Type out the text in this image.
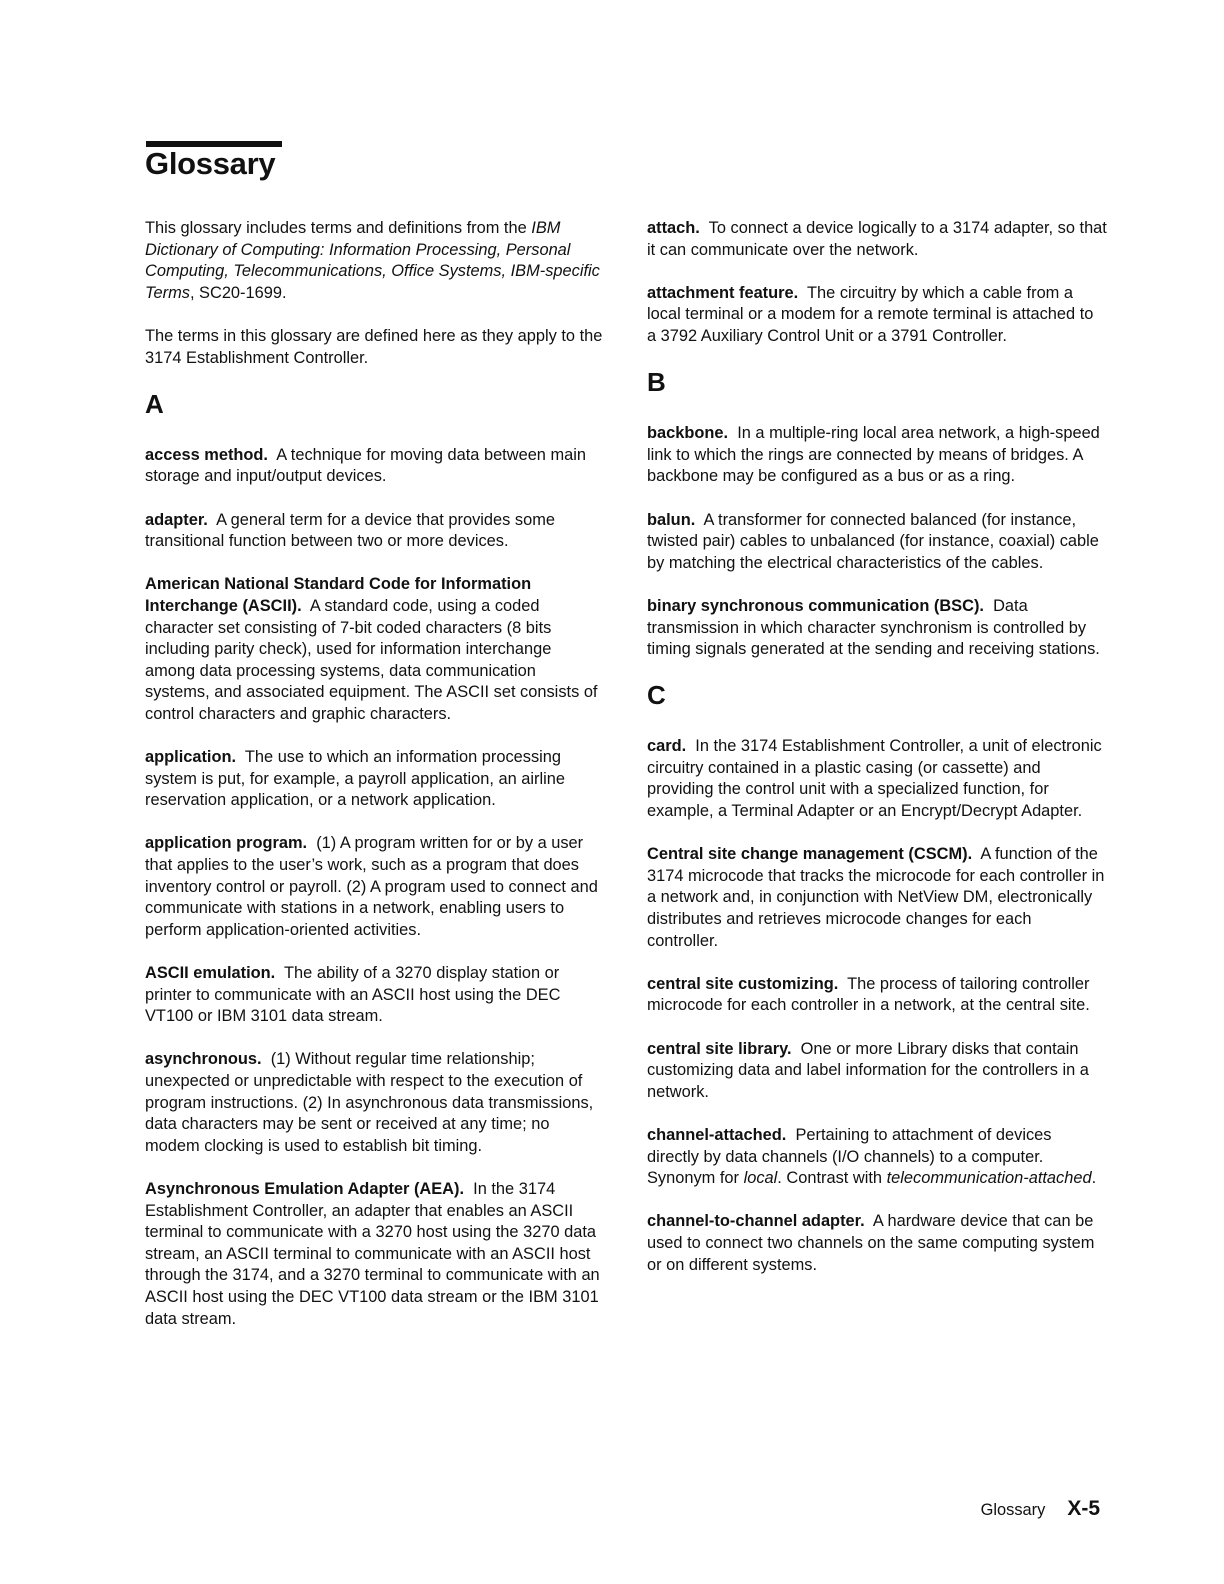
Glossary

This glossary includes terms and definitions from the IBM Dictionary of Computing: Information Processing, Personal Computing, Telecommunications, Office Systems, IBM-specific Terms, SC20-1699.

The terms in this glossary are defined here as they apply to the 3174 Establishment Controller.

A

access method. A technique for moving data between main storage and input/output devices.

adapter. A general term for a device that provides some transitional function between two or more devices.

American National Standard Code for Information Interchange (ASCII). A standard code, using a coded character set consisting of 7-bit coded characters (8 bits including parity check), used for information interchange among data processing systems, data communication systems, and associated equipment. The ASCII set consists of control characters and graphic characters.

application. The use to which an information processing system is put, for example, a payroll application, an airline reservation application, or a network application.

application program. (1) A program written for or by a user that applies to the user’s work, such as a program that does inventory control or payroll. (2) A program used to connect and communicate with stations in a network, enabling users to perform application-oriented activities.

ASCII emulation. The ability of a 3270 display station or printer to communicate with an ASCII host using the DEC VT100 or IBM 3101 data stream.

asynchronous. (1) Without regular time relationship; unexpected or unpredictable with respect to the execution of program instructions. (2) In asynchronous data transmissions, data characters may be sent or received at any time; no modem clocking is used to establish bit timing.

Asynchronous Emulation Adapter (AEA). In the 3174 Establishment Controller, an adapter that enables an ASCII terminal to communicate with a 3270 host using the 3270 data stream, an ASCII terminal to communicate with an ASCII host through the 3174, and a 3270 terminal to communicate with an ASCII host using the DEC VT100 data stream or the IBM 3101 data stream.

attach. To connect a device logically to a 3174 adapter, so that it can communicate over the network.

attachment feature. The circuitry by which a cable from a local terminal or a modem for a remote terminal is attached to a 3792 Auxiliary Control Unit or a 3791 Controller.

B

backbone. In a multiple-ring local area network, a high-speed link to which the rings are connected by means of bridges. A backbone may be configured as a bus or as a ring.

balun. A transformer for connected balanced (for instance, twisted pair) cables to unbalanced (for instance, coaxial) cable by matching the electrical characteristics of the cables.

binary synchronous communication (BSC). Data transmission in which character synchronism is controlled by timing signals generated at the sending and receiving stations.

C

card. In the 3174 Establishment Controller, a unit of electronic circuitry contained in a plastic casing (or cassette) and providing the control unit with a specialized function, for example, a Terminal Adapter or an Encrypt/Decrypt Adapter.

Central site change management (CSCM). A function of the 3174 microcode that tracks the microcode for each controller in a network and, in conjunction with NetView DM, electronically distributes and retrieves microcode changes for each controller.

central site customizing. The process of tailoring controller microcode for each controller in a network, at the central site.

central site library. One or more Library disks that contain customizing data and label information for the controllers in a network.

channel-attached. Pertaining to attachment of devices directly by data channels (I/O channels) to a computer. Synonym for local. Contrast with telecommunication-attached.

channel-to-channel adapter. A hardware device that can be used to connect two channels on the same computing system or on different systems.

Glossary X-5
